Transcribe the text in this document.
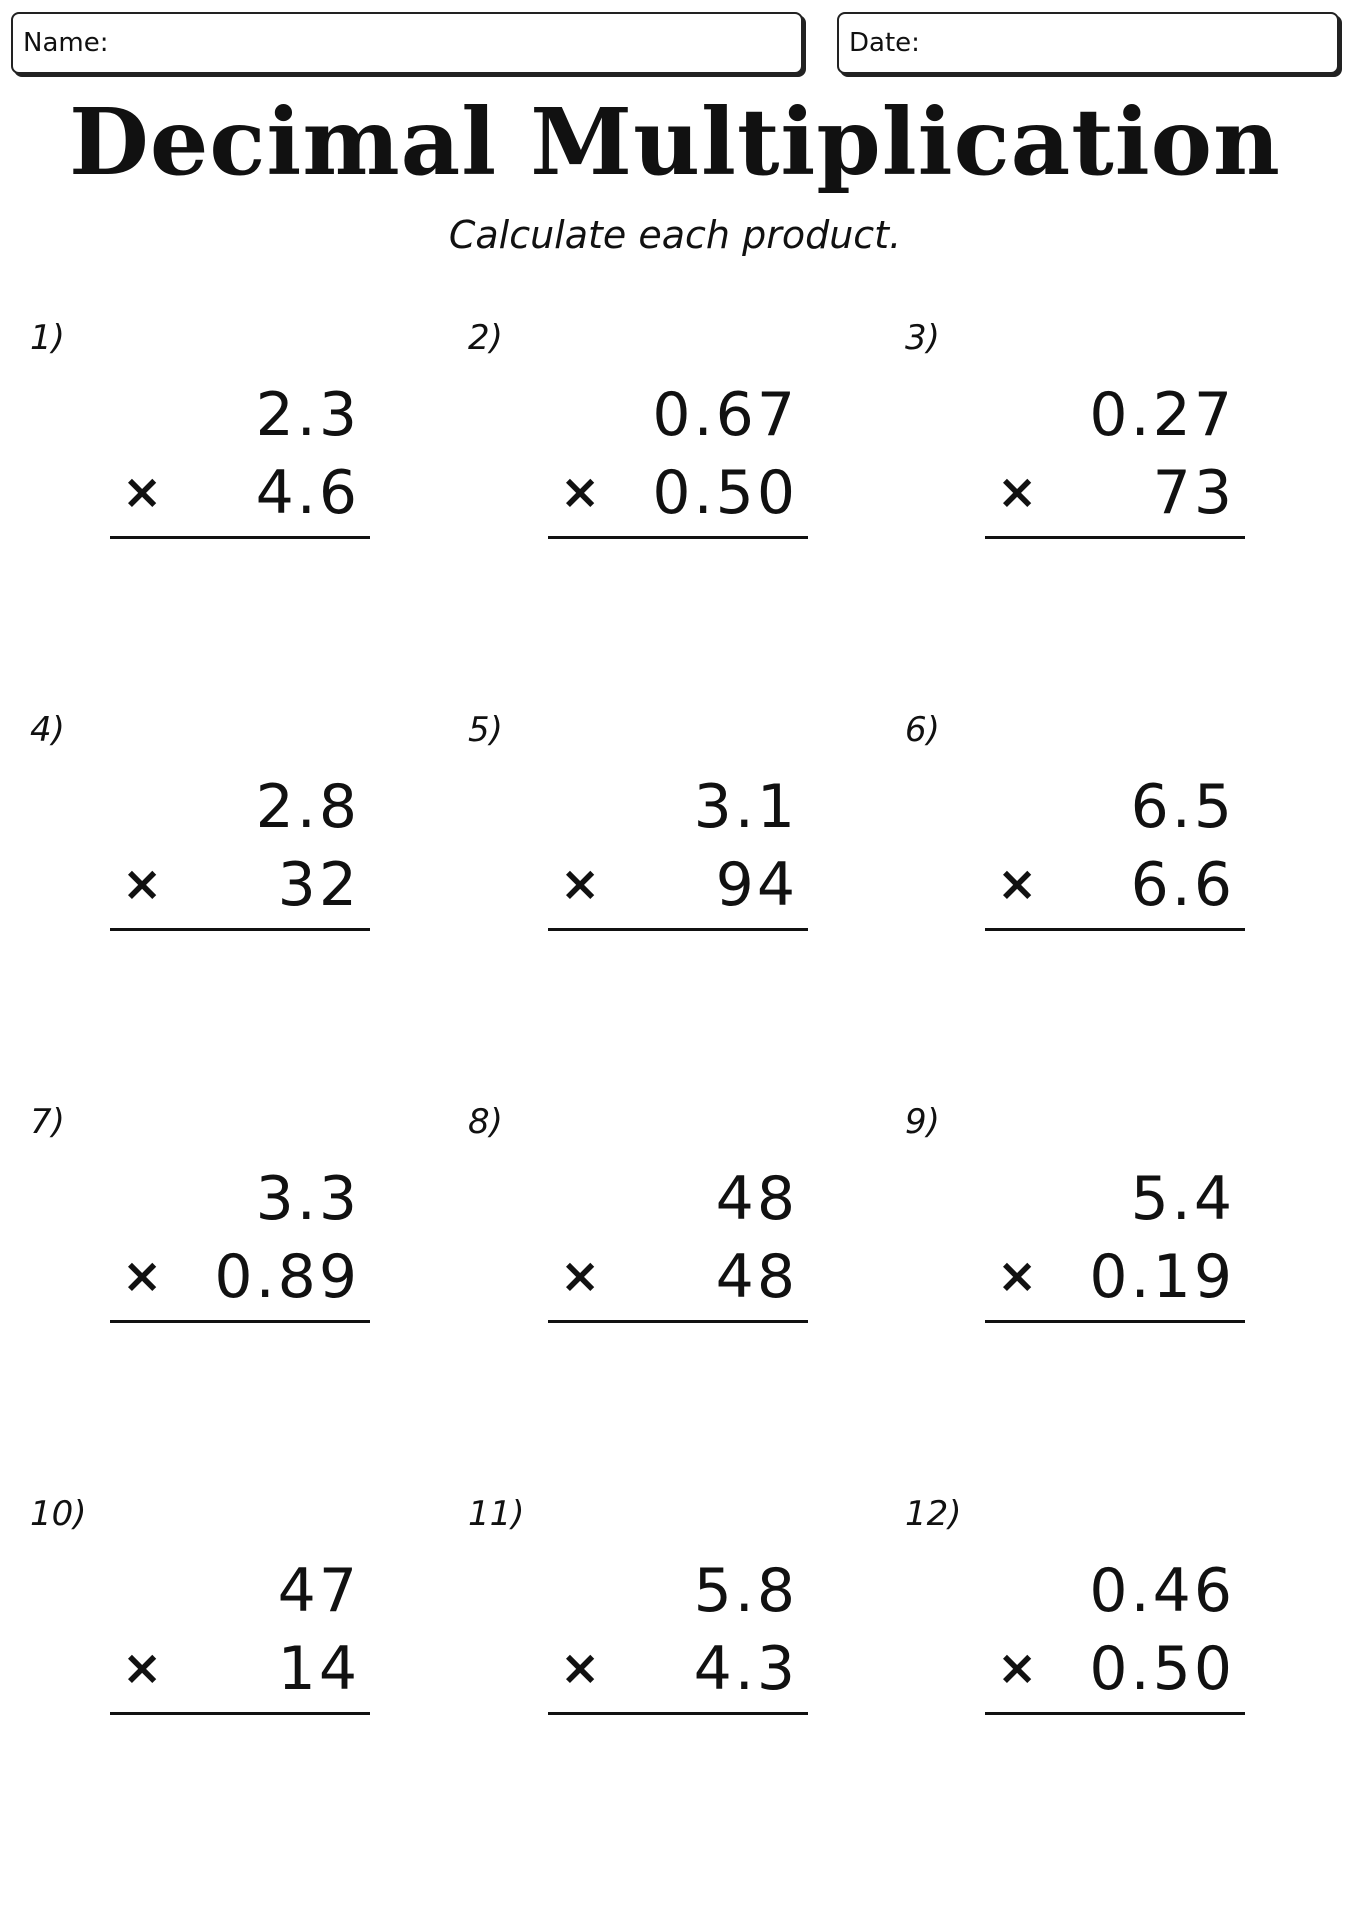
Name:	Date:
Decimal Multiplication
Calculate each product.
1)
2.3
×	4.6
2)
0.67
× 0.50
3)
0.27
×	73
4)
2.8
×	32
5)
3.1
×	94
6)
6.5
×	6.6
7)
3.3
× 0.89
8)
48
×	48
9)
5.4
× 0.19
10)
47
×	14
11)
5.8
×	4.3
12)
0.46
× 0.50
